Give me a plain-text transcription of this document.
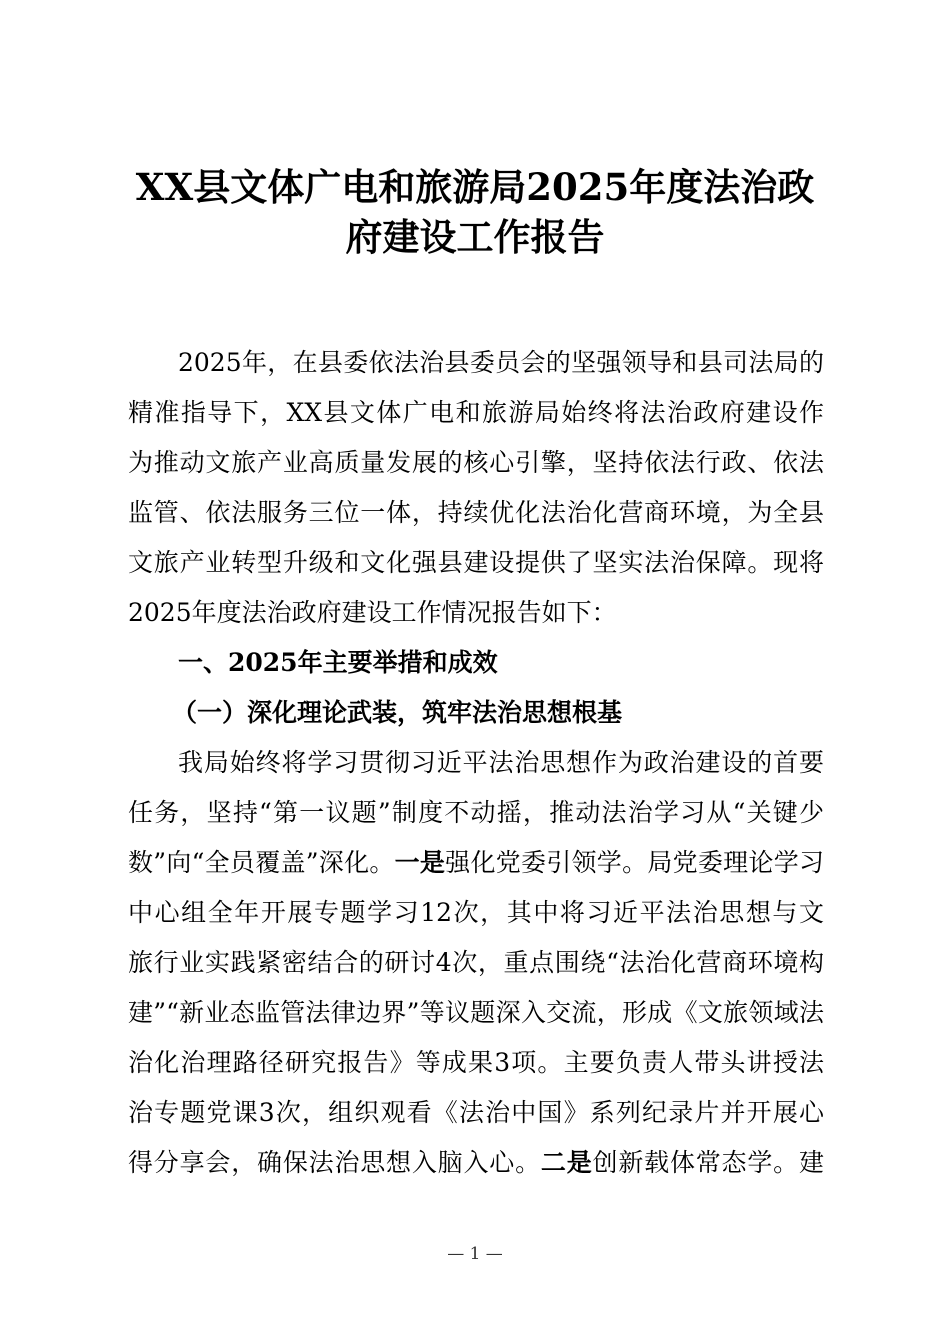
XX县文体广电和旅游局2025年度法治政
府建设工作报告
2025年，在县委依法治县委员会的坚强领导和县司法局的
精准指导下，XX县文体广电和旅游局始终将法治政府建设作
为推动文旅产业高质量发展的核心引擎，坚持依法行政、依法
监管、依法服务三位一体，持续优化法治化营商环境，为全县
文旅产业转型升级和文化强县建设提供了坚实法治保障。现将
2025年度法治政府建设工作情况报告如下：
一、2025年主要举措和成效
（一）深化理论武装，筑牢法治思想根基
我局始终将学习贯彻习近平法治思想作为政治建设的首要
任务，坚持“第一议题”制度不动摇，推动法治学习从“关键少
数”向“全员覆盖”深化。一是强化党委引领学。局党委理论学习
中心组全年开展专题学习12次，其中将习近平法治思想与文
旅行业实践紧密结合的研讨4次，重点围绕“法治化营商环境构
建”“新业态监管法律边界”等议题深入交流，形成《文旅领域法
治化治理路径研究报告》等成果3项。主要负责人带头讲授法
治专题党课3次，组织观看《法治中国》系列纪录片并开展心
得分享会，确保法治思想入脑入心。二是创新载体常态学。建
— 1 —
